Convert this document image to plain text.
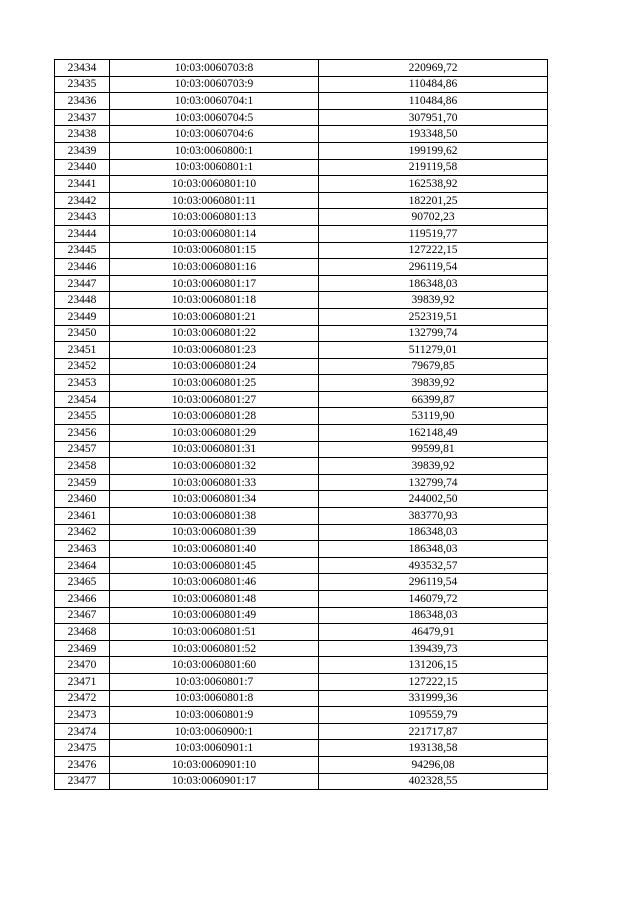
23434	10:03:0060703:8	220969,72
23435	10:03:0060703:9	110484,86
23436	10:03:0060704:1	110484,86
23437	10:03:0060704:5	307951,70
23438	10:03:0060704:6	193348,50
23439	10:03:0060800:1	199199,62
23440	10:03:0060801:1	219119,58
23441	10:03:0060801:10	162538,92
23442	10:03:0060801:11	182201,25
23443	10:03:0060801:13	90702,23
23444	10:03:0060801:14	119519,77
23445	10:03:0060801:15	127222,15
23446	10:03:0060801:16	296119,54
23447	10:03:0060801:17	186348,03
23448	10:03:0060801:18	39839,92
23449	10:03:0060801:21	252319,51
23450	10:03:0060801:22	132799,74
23451	10:03:0060801:23	511279,01
23452	10:03:0060801:24	79679,85
23453	10:03:0060801:25	39839,92
23454	10:03:0060801:27	66399,87
23455	10:03:0060801:28	53119,90
23456	10:03:0060801:29	162148,49
23457	10:03:0060801:31	99599,81
23458	10:03:0060801:32	39839,92
23459	10:03:0060801:33	132799,74
23460	10:03:0060801:34	244002,50
23461	10:03:0060801:38	383770,93
23462	10:03:0060801:39	186348,03
23463	10:03:0060801:40	186348,03
23464	10:03:0060801:45	493532,57
23465	10:03:0060801:46	296119,54
23466	10:03:0060801:48	146079,72
23467	10:03:0060801:49	186348,03
23468	10:03:0060801:51	46479,91
23469	10:03:0060801:52	139439,73
23470	10:03:0060801:60	131206,15
23471	10:03:0060801:7	127222,15
23472	10:03:0060801:8	331999,36
23473	10:03:0060801:9	109559,79
23474	10:03:0060900:1	221717,87
23475	10:03:0060901:1	193138,58
23476	10:03:0060901:10	94296,08
23477	10:03:0060901:17	402328,55
